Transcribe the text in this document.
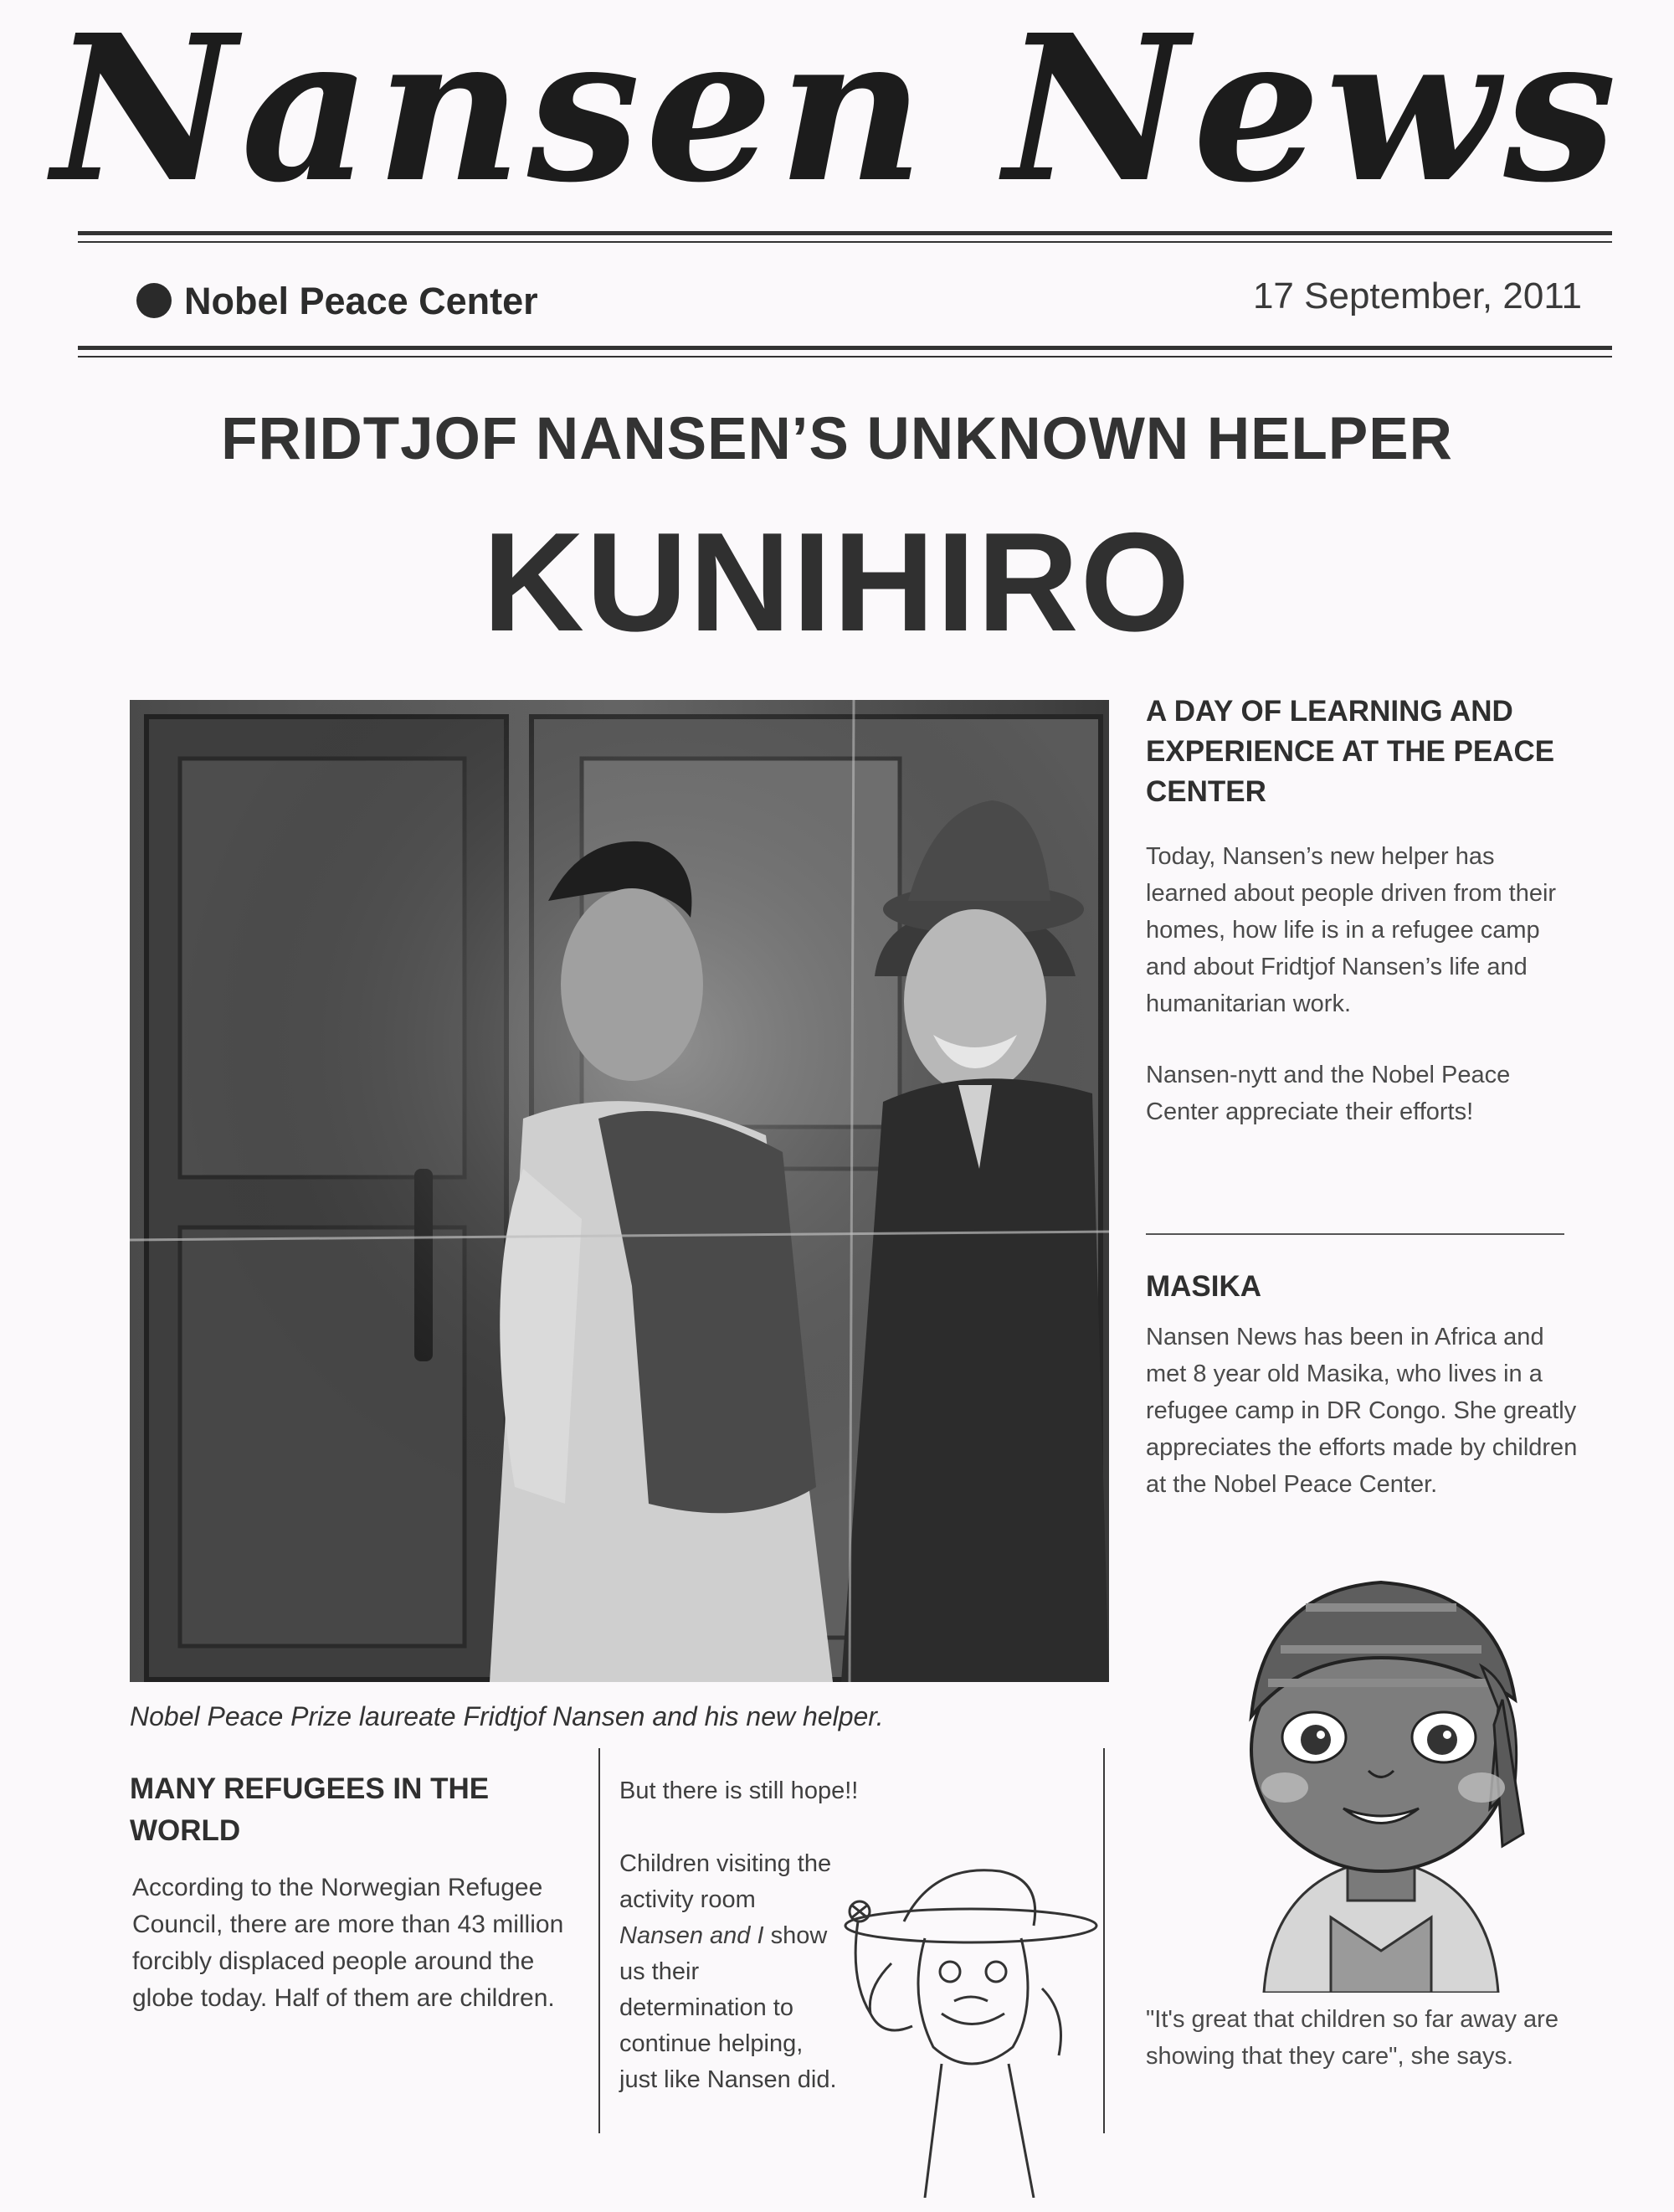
Nansen News
Nobel Peace Center	17 September, 2011
FRIDTJOF NANSEN’S UNKNOWN HELPER
KUNIHIRO
Nobel Peace Prize laureate Fridtjof Nansen and his new helper.
A DAY OF LEARNING AND EXPERIENCE AT THE PEACE CENTER
Today, Nansen’s new helper has learned about people driven from their homes, how life is in a refugee camp and about Fridtjof Nansen’s life and humanitarian work.
Nansen-nytt and the Nobel Peace Center appreciate their efforts!
MASIKA
Nansen News has been in Africa and met 8 year old Masika, who lives in a refugee camp in DR Congo. She greatly appreciates the efforts made by children at the Nobel Peace Center.
"It's great that children so far away are showing that they care", she says.
MANY REFUGEES IN THE WORLD
According to the Norwegian Refugee Council, there are more than 43 million forcibly displaced people around the globe today. Half of them are children.
But there is still hope!!
Children visiting the activity room Nansen and I show us their determination to continue helping, just like Nansen did.
